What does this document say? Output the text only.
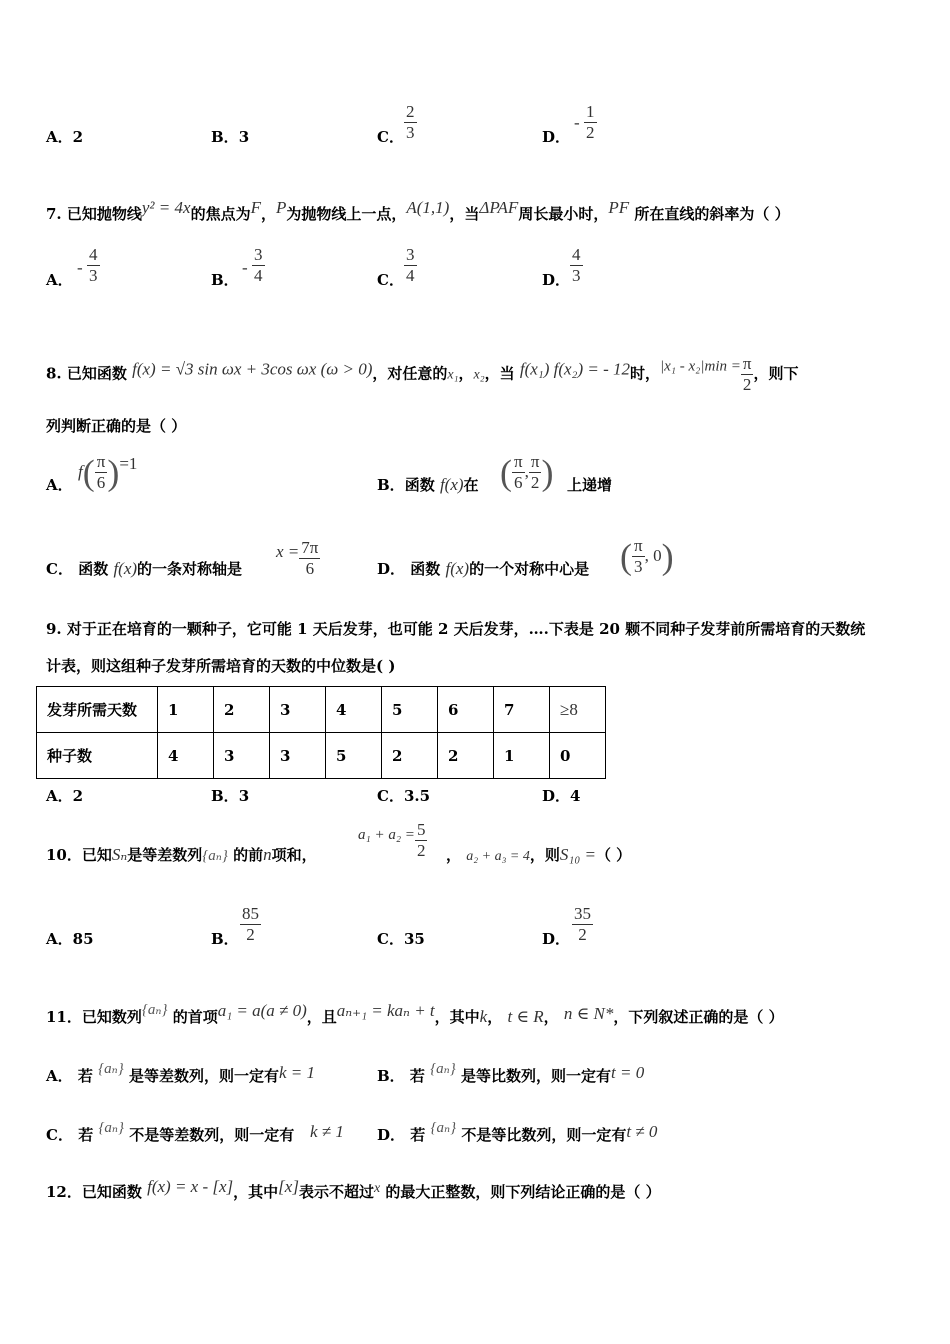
A．2	B．3	C． $\frac{2}{3}$	D．
- $\frac{1}{2}$
7. 已知抛物线y² = 4x的焦点为F，P为抛物线上一点，A(1,1)，当ΔPAF周长最小时，PF 所在直线的斜率为（ ）
A．
- $\frac{4}{3}$	B．
- $\frac{3}{4}$	C． $\frac{3}{4}$	D． $\frac{4}{3}$
8. 已知函数 f(x) = √3 sin ωx + 3cos ωx (ω > 0)，对任意的x₁，x₂，当 f(x₁) f(x₂) = - 12时，$|x_1 - x_2|\min = \frac{\pi}{2}$ ，则下
列判断正确的是（ ）
A．
$f( \frac{\pi}{6} )=1$
B．函数 f(x)在 ( $\frac{\pi}{6}$ , $\frac{\pi}{2}$ ) 上递增
C． 函数 f(x)的一条对称轴是
$x = \frac{7\pi}{6}$	D． 函数 f(x)的一个对称中心是 ( $\frac{\pi}{3}$ , 0)
9. 对于正在培育的一颗种子，它可能 1 天后发芽，也可能 2 天后发芽，….下表是 20 颗不同种子发芽前所需培育的天数统
计表，则这组种子发芽所需培育的天数的中位数是( )
发芽所需天数	1	2	3	4	5	6	7	≥8
种子数	4	3	3	5	2	2	1	0
A．2	B．3	C．3.5	D．4
10．已知Sₙ是等差数列{aₙ} 的前n项和，
$a_1 + a_2 = \frac{5}{2}$ ， a₂ + a₃ = 4，则S₁₀ =（ ）
A．85	B． $\frac{85}{2}$	C．35	D． $\frac{35}{2}$
11．已知数列{aₙ} 的首项a₁ = a(a ≠ 0)，且aₙ₊₁ = kaₙ + t，其中k， t ∈ R， n ∈ N*，下列叙述正确的是（ ）
A． 若 {aₙ} 是等差数列，则一定有k = 1	B． 若 {aₙ} 是等比数列，则一定有t = 0
C． 若 {aₙ} 不是等差数列，则一定有 k ≠ 1 D． 若 {aₙ} 不是等比数列，则一定有t ≠ 0
12．已知函数 f(x) = x - [x]，其中[x]表示不超过x 的最大正整数，则下列结论正确的是（ ）
